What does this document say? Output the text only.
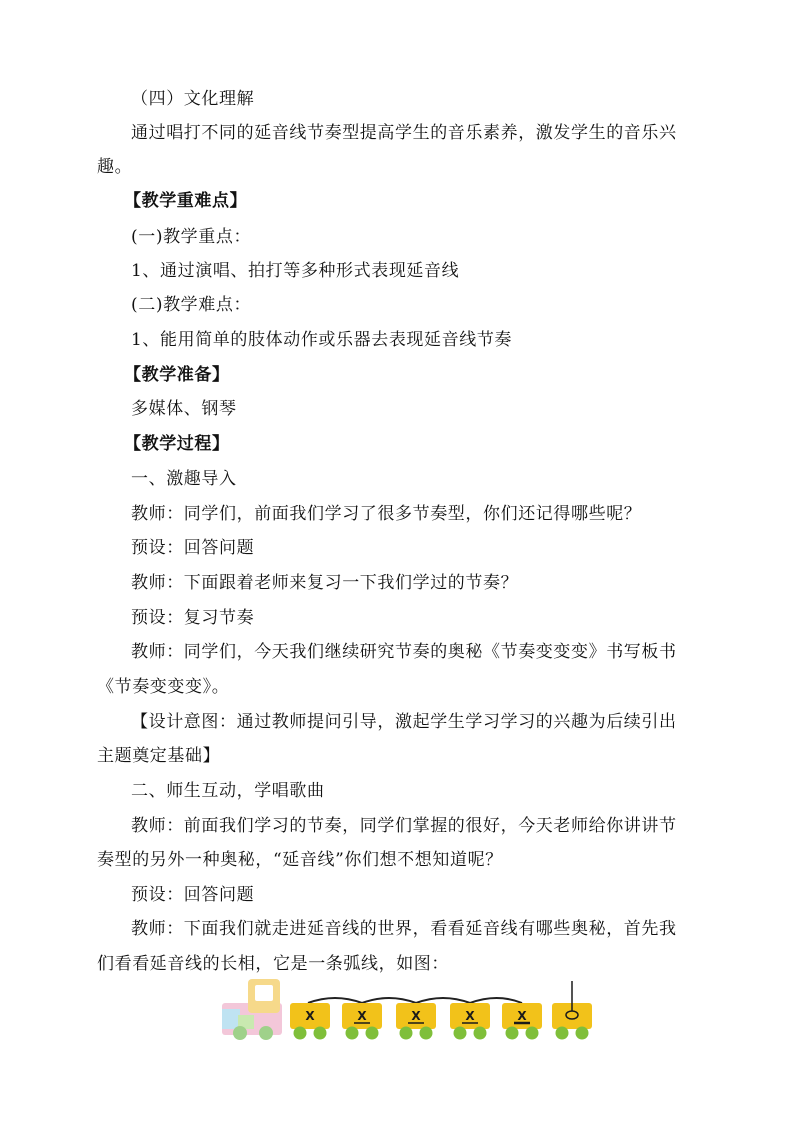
（四）文化理解
通过唱打不同的延音线节奏型提高学生的音乐素养，激发学生的音乐兴
趣。
【教学重难点】
(一)教学重点：
1、通过演唱、拍打等多种形式表现延音线
(二)教学难点：
1、能用简单的肢体动作或乐器去表现延音线节奏
【教学准备】
多媒体、钢琴
【教学过程】
一、激趣导入
教师：同学们，前面我们学习了很多节奏型，你们还记得哪些呢？
预设：回答问题
教师：下面跟着老师来复习一下我们学过的节奏？
预设：复习节奏
教师：同学们，今天我们继续研究节奏的奥秘《节奏变变变》书写板书
《节奏变变变》。
【设计意图：通过教师提问引导，激起学生学习学习的兴趣为后续引出
主题奠定基础】
二、师生互动，学唱歌曲
教师：前面我们学习的节奏，同学们掌握的很好，今天老师给你讲讲节
奏型的另外一种奥秘，“延音线”你们想不想知道呢？
预设：回答问题
教师：下面我们就走进延音线的世界，看看延音线有哪些奥秘，首先我
们看看延音线的长相，它是一条弧线，如图：
X	X	X	X	X
